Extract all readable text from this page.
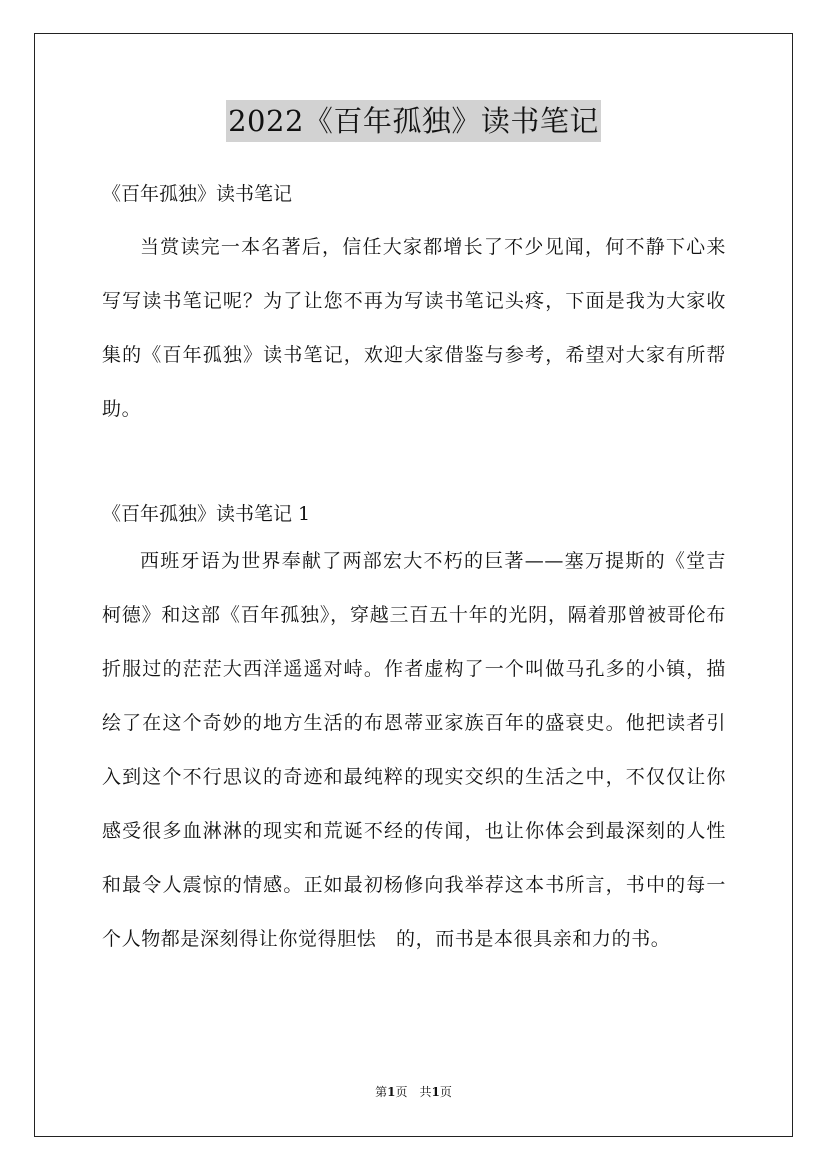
2022《百年孤独》读书笔记

《百年孤独》读书笔记

当赏读完一本名著后，信任大家都增长了不少见闻，何不静下心来写写读书笔记呢？为了让您不再为写读书笔记头疼，下面是我为大家收集的《百年孤独》读书笔记，欢迎大家借鉴与参考，希望对大家有所帮助。

《百年孤独》读书笔记 1

西班牙语为世界奉献了两部宏大不朽的巨著——塞万提斯的《堂吉柯德》和这部《百年孤独》，穿越三百五十年的光阴，隔着那曾被哥伦布折服过的茫茫大西洋遥遥对峙。作者虚构了一个叫做马孔多的小镇，描绘了在这个奇妙的地方生活的布恩蒂亚家族百年的盛衰史。他把读者引入到这个不行思议的奇迹和最纯粹的现实交织的生活之中，不仅仅让你感受很多血淋淋的现实和荒诞不经的传闻，也让你体会到最深刻的人性和最令人震惊的情感。正如最初杨修向我举荐这本书所言，书中的每一个人物都是深刻得让你觉得胆怯　的，而书是本很具亲和力的书。

第1页　共1页
